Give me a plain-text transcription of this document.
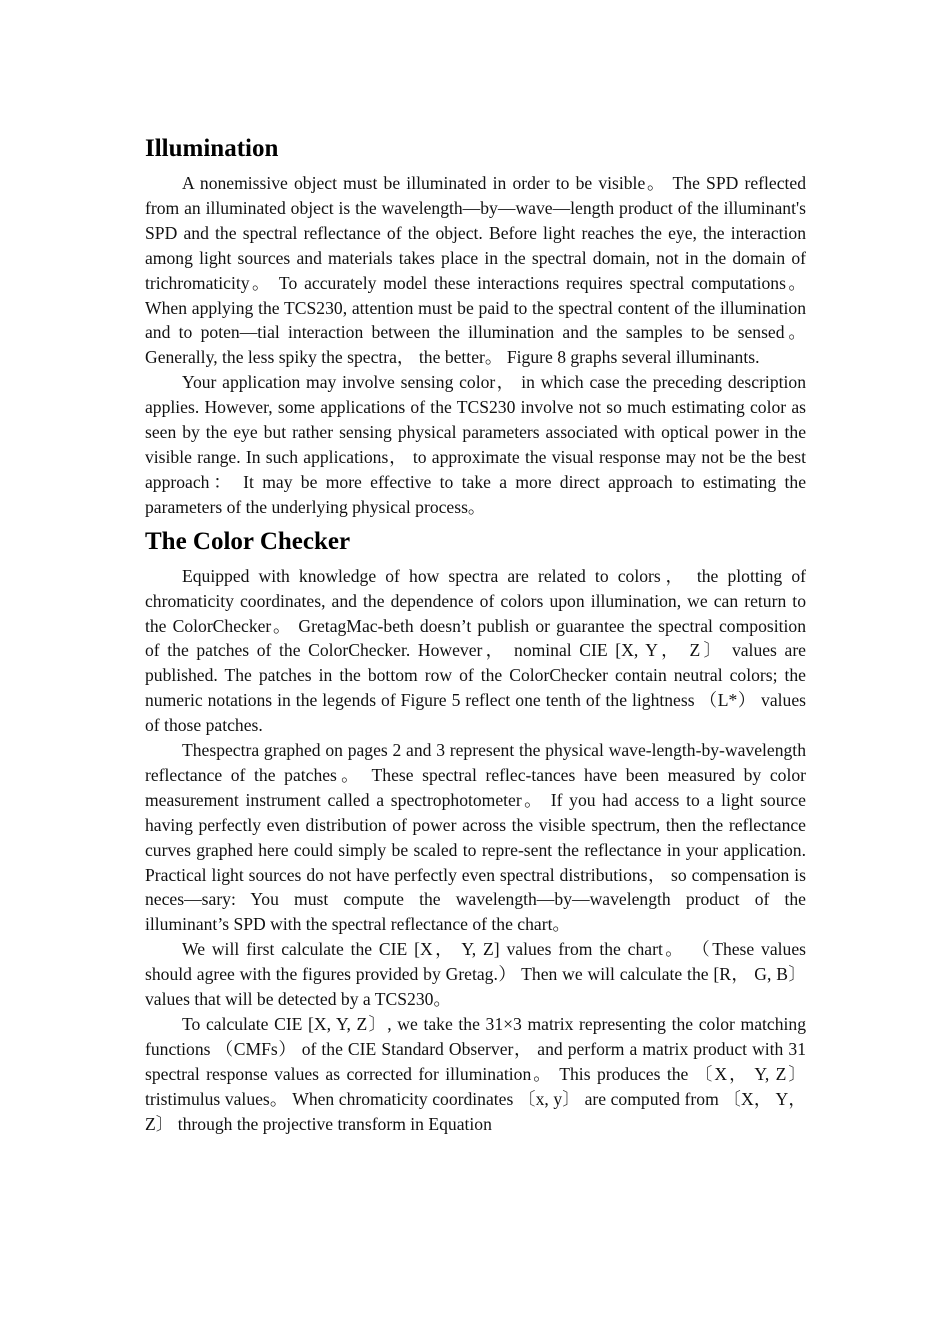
Illumination

A nonemissive object must be illuminated in order to be visible。 The SPD reflected from an illuminated object is the wavelength—by—wave—length product of the illuminant's SPD and the spectral reflectance of the object. Before light reaches the eye, the interaction among light sources and materials takes place in the spectral domain, not in the domain of trichromaticity。 To accurately model these interactions requires spectral computations。 When applying the TCS230, attention must be paid to the spectral content of the illumination and to poten—tial interaction between the illumination and the samples to be sensed。 Generally, the less spiky the spectra， the better。 Figure 8 graphs several illuminants.

Your application may involve sensing color， in which case the preceding description applies. However, some applications of the TCS230 involve not so much estimating color as seen by the eye but rather sensing physical parameters associated with optical power in the visible range. In such applications， to approximate the visual response may not be the best approach： It may be more effective to take a more direct approach to estimating the parameters of the underlying physical process。

The Color Checker

Equipped with knowledge of how spectra are related to colors， the plotting of chromaticity coordinates, and the dependence of colors upon illumination, we can return to the ColorChecker。 GretagMac-beth doesn’t publish or guarantee the spectral composition of the patches of the ColorChecker. However， nominal CIE [X, Y， Z〕 values are published. The patches in the bottom row of the ColorChecker contain neutral colors; the numeric notations in the legends of Figure 5 reflect one tenth of the lightness （L*） values of those patches.

Thespectra graphed on pages 2 and 3 represent the physical wave-length-by-wavelength reflectance of the patches。 These spectral reflec-tances have been measured by color measurement instrument called a spectrophotometer。 If you had access to a light source having perfectly even distribution of power across the visible spectrum, then the reflectance curves graphed here could simply be scaled to repre-sent the reflectance in your application. Practical light sources do not have perfectly even spectral distributions， so compensation is neces—sary: You must compute the wavelength—by—wavelength product of the illuminant’s SPD with the spectral reflectance of the chart。

We will first calculate the CIE [X， Y, Z] values from the chart。 （These values should agree with the figures provided by Gretag.） Then we will calculate the [R， G, B〕 values that will be detected by a TCS230。

To calculate CIE [X, Y, Z〕, we take the 31×3 matrix representing the color matching functions （CMFs） of the CIE Standard Observer， and perform a matrix product with 31 spectral response values as corrected for illumination。 This produces the 〔X， Y, Z〕 tristimulus values。 When chromaticity coordinates 〔x, y〕 are computed from 〔X， Y， Z〕 through the projective transform in Equation
